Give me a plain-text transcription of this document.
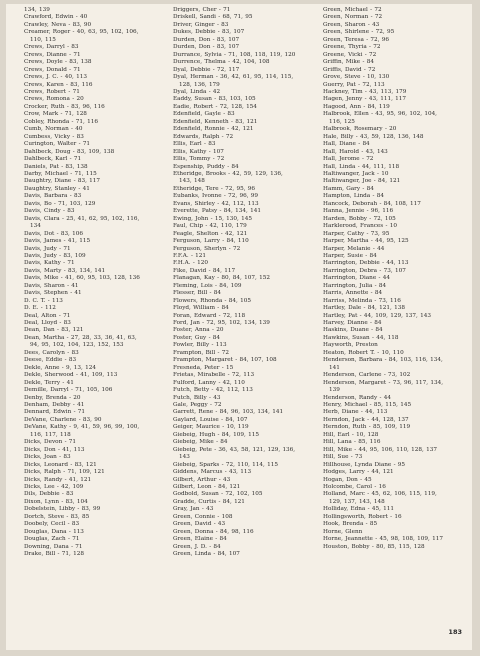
134, 139
Crawford, Edwin - 40
Crawley, Neva - 83, 90
Creamer, Roger - 40, 63, 95, 102, 106, 110, 115
Crews, Darryl - 83
Crews, Dianne - 71
Crews, Doyle - 83, 138
Crews, Donald - 71
Crews, J. C. - 40, 113
Crews, Karen - 83, 116
Crews, Robert - 71
Crews, Romona - 20
Crocker, Ruth - 83, 96, 116
Crow, Mark - 71, 128
Cobley, Rhonda - 71, 116
Cumb, Norman - 40
Cumbess, Vicky - 83
Curington, Walter - 71
Dahlbeck, Doug - 83, 109, 138
Dahlbeck, Karl - 71
Daniels, Pat - 83, 138
Darby, Michael - 71, 115
Daughtry, Diane - 83, 117
Daughtry, Stanley - 41
Davis, Barbara - 83
Davis, Bo - 71, 103, 129
Davis, Cindy - 83
Davis, Clara - 25, 41, 62, 95, 102, 116, 134
Davis, Dot - 83, 106
Davis, James - 41, 115
Davis, Judy - 71
Davis, Judy - 83, 109
Davis, Kathy - 71
Davis, Marty - 83, 134, 141
Davis, Mike - 41, 60, 95, 103, 128, 136
Davis, Sharon - 41
Davis, Stephen - 41
D. C. T. - 113
D. E. - 112
Deal, Alton - 71
Deal, Lloyd - 83
Dean, Dan - 83, 121
Dean, Martha - 27, 28, 33, 36, 41, 63, 94, 95, 102, 104, 123, 152, 153
Dees, Carolyn - 83
Deese, Eddie - 83
Dekle, Anne - 9, 13, 124
Dekle, Sherwood - 41, 109, 113
Dekle, Terry - 41
Demille, Darryl - 71, 105, 106
Denby, Brenda - 20
Denham, Debby - 41
Dennard, Edwin - 71
DeVane, Charlene - 83, 90
DeVane, Kathy - 9, 41, 59, 96, 99, 100, 116, 117, 118
Dicks, Devon - 71
Dicks, Don - 41, 113
Dicks, Joan - 83
Dicks, Leonard - 83, 121
Dicks, Ralph - 71, 109, 121
Dicks, Randy - 41, 121
Dicks, Lee - 42, 109
Dils, Debbie - 83
Dixon, Lynn - 83, 104
Dobelstein, Libby - 83, 99
Dortch, Steve - 83, 85
Doobely, Cecil - 83
Douglas, Dana - 113
Douglas, Zach - 71
Downing, Dana - 71
Drake, Bill - 71, 128
Driggers, Cher - 71
Driskell, Sandi - 68, 71, 95
Driver, Ginger - 83
Dukes, Debbie - 83, 107
Durden, Don - 83, 107
Durden, Don - 83, 107
Durrance, Sylvia - 71, 108, 118, 119, 120
Durrence, Thelma - 42, 104, 108
Dyal, Debbie - 72, 117
Dyal, Herman - 36, 42, 61, 95, 114, 115, 128, 136, 179
Dyal, Linda - 42
Eaddy, Susan - 83, 103, 105
Eadie, Robert - 72, 128, 154
Edenfield, Gayle - 83
Edenfield, Kenneth - 83, 121
Edenfield, Ronnie - 42, 121
Edwards, Ralph - 72
Ellis, Earl - 83
Ellis, Kathy - 107
Ellis, Tommy - 72
Espenship, Puddy - 84
Etheridge, Brooks - 42, 59, 129, 136, 143, 148
Etheridge, Tere - 72, 95, 96
Eubanks, Ivonne - 72, 96, 99
Evans, Shirley - 42, 112, 113
Everette, Patsy - 84, 134, 141
Ewing, John - 15, 130, 145
Faul, Chip - 42, 110, 179
Feagle, Shelton - 42, 121
Ferguson, Larry - 84, 110
Ferguson, Sherlyn - 72
F.F.A. - 121
F.H.A. - 120
Fike, David - 84, 117
Flanagan, Kay - 80, 84, 107, 152
Fleming, Lois - 84, 109
Flesser, Bill - 84
Flowers, Rhonda - 84, 105
Floyd, William - 84
Foran, Edward - 72, 118
Ford, Jan - 72, 95, 102, 134, 139
Foster, Anna - 20
Foster, Guy - 84
Fowler, Billy - 113
Frampton, Bill - 72
Frampton, Margaret - 84, 107, 108
Fresneda, Peter - 15
Frietas, Mirabelle - 72, 113
Fulford, Lanny - 42, 110
Futch, Betty - 42, 112, 113
Futch, Billy - 43
Gale, Peggy - 72
Garrett, Rene - 84, 96, 103, 134, 141
Gaylard, Louise - 84, 107
Geiger, Maurice - 10, 119
Giebeig, Hugh - 84, 109, 115
Giebeig, Mike - 84
Giebeig, Pete - 36, 43, 58, 121, 129, 136, 143
Giebeig, Sparks - 72, 110, 114, 115
Giddens, Marcus - 43, 113
Gilbert, Arthur - 43
Gilbert, Leon - 84, 121
Godbold, Susan - 72, 102, 105
Gradde, Curtis - 84, 121
Gray, Jan - 43
Green, Connie - 108
Green, David - 43
Green, Donna - 84, 98, 116
Green, Elaine - 84
Green, J. D. - 84
Green, Linda - 84, 107
Green, Michael - 72
Green, Norman - 72
Green, Sharon - 43
Green, Shirlene - 72, 95
Green, Teresa - 72, 96
Greene, Thyria - 72
Greene, Vicki - 72
Griffin, Mike - 84
Griffis, David - 72
Grove, Steve - 10, 130
Guerry, Pat - 72, 113
Hackney, Tim - 43, 113, 179
Hagen, Jenny - 43, 111, 117
Hagood, Ann - 84, 119
Halbrook, Ellen - 43, 95, 96, 102, 104, 116, 125
Halbrook, Rosemary - 20
Hale, Billy - 43, 59, 128, 136, 148
Hall, Diane - 84
Hall, Harold - 43, 143
Hall, Jerome - 72
Hall, Linda - 44, 111, 118
Haltiwanger, Jack - 10
Haltiwanger, Joe - 84, 121
Hamm, Gary - 84
Hampton, Linda - 84
Hancock, Deborah - 84, 108, 117
Hanna, Jennie - 96, 116
Harden, Bobby - 72, 105
Harklerood, Frances - 10
Harper, Cathy - 73, 95
Harper, Martha - 44, 95, 125
Harper, Melanie - 44
Harper, Susie - 84
Harrington, Debbie - 44, 113
Harrington, Debra - 73, 107
Harrington, Diane - 44
Harrington, Julia - 84
Harris, Annette - 84
Harriss, Melinda - 73, 116
Hartley, Dale - 84, 121, 138
Hartley, Pat - 44, 109, 129, 137, 143
Harvey, Dianne - 84
Haskins, Duane - 84
Hawkins, Susan - 44, 118
Hayworth, Preston
Heaton, Robert T. - 10, 110
Henderson, Barbara - 84, 103, 116, 134, 141
Henderson, Carlene - 73, 102
Henderson, Margaret - 73, 96, 117, 134, 139
Henderson, Randy - 44
Henry, Michael - 85, 115, 145
Herb, Diane - 44, 113
Herndon, Jack - 44, 128, 137
Herndon, Ruth - 85, 109, 119
Hill, Earl - 10, 128
Hill, Lana - 85, 116
Hill, Mike - 44, 95, 106, 110, 128, 137
Hill, Sue - 73
Hillhouse, Lynda Diane - 95
Hodges, Larry - 44, 121
Hogan, Don - 45
Holcombe, Carol - 16
Holland, Marc - 45, 62, 106, 115, 119, 129, 137, 143, 148
Holliday, Edna - 45, 111
Hollingsworth, Robert - 16
Hook, Brenda - 85
Horne, Glenn
Horne, Jeannette - 45, 98, 108, 109, 117
Houston, Bobby - 80, 85, 115, 128
183
